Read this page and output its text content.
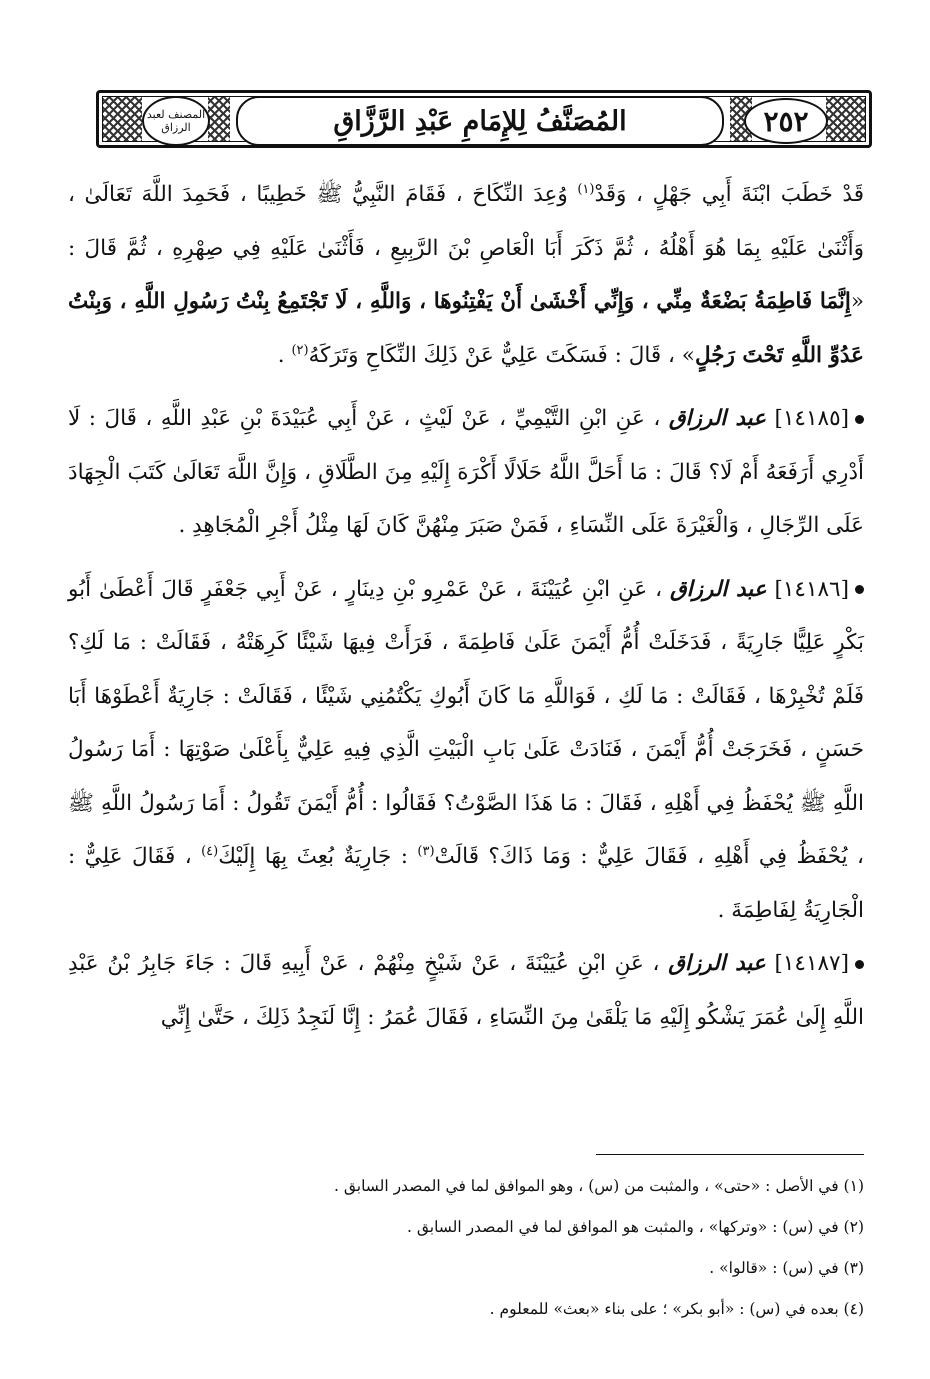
٢٥٢
المُصَنَّفُ لِلإِمَامِ عَبْدِ الرَّزَّاقِ
المصنف لعبد الرزاق

قَدْ خَطَبَ ابْنَةَ أَبِي جَهْلٍ ، وَقَدْ$^{(١)}$ وُعِدَ النِّكَاحَ ، فَقَامَ النَّبِيُّ ﷺ خَطِيبًا ، فَحَمِدَ اللَّهَ تَعَالَىٰ ، وَأَثْنَىٰ عَلَيْهِ بِمَا هُوَ أَهْلُهُ ، ثُمَّ ذَكَرَ أَبَا الْعَاصِ بْنَ الرَّبِيعِ ، فَأَثْنَىٰ عَلَيْهِ فِي صِهْرِهِ ، ثُمَّ قَالَ : «إِنَّمَا فَاطِمَةُ بَضْعَةٌ مِنِّي ، وَإِنِّي أَخْشَىٰ أَنْ يَفْتِنُوهَا ، وَاللَّهِ ، لَا تَجْتَمِعُ بِنْتُ رَسُولِ اللَّهِ ، وَبِنْتُ عَدُوِّ اللَّهِ تَحْتَ رَجُلٍ» ، قَالَ : فَسَكَتَ عَلِيٌّ عَنْ ذَلِكَ النِّكَاحِ وَتَرَكَهُ$^{(٢)}$ .

[١٤١٨٥] عبد الرزاق ، عَنِ ابْنِ التَّيْمِيِّ ، عَنْ لَيْثٍ ، عَنْ أَبِي عُبَيْدَةَ بْنِ عَبْدِ اللَّهِ ، قَالَ : لَا أَدْرِي أَرَفَعَهُ أَمْ لَا؟ قَالَ : مَا أَحَلَّ اللَّهُ حَلَالًا أَكْرَهَ إِلَيْهِ مِنَ الطَّلَاقِ ، وَإِنَّ اللَّهَ تَعَالَىٰ كَتَبَ الْجِهَادَ عَلَى الرِّجَالِ ، وَالْغَيْرَةَ عَلَى النِّسَاءِ ، فَمَنْ صَبَرَ مِنْهُنَّ كَانَ لَهَا مِثْلُ أَجْرِ الْمُجَاهِدِ .

[١٤١٨٦] عبد الرزاق ، عَنِ ابْنِ عُيَيْنَةَ ، عَنْ عَمْرِو بْنِ دِينَارٍ ، عَنْ أَبِي جَعْفَرٍ قَالَ أَعْطَىٰ أَبُو بَكْرٍ عَلِيًّا جَارِيَةً ، فَدَخَلَتْ أُمُّ أَيْمَنَ عَلَىٰ فَاطِمَةَ ، فَرَأَتْ فِيهَا شَيْئًا كَرِهَتْهُ ، فَقَالَتْ : مَا لَكِ؟ فَلَمْ تُخْبِرْهَا ، فَقَالَتْ : مَا لَكِ ، فَوَاللَّهِ مَا كَانَ أَبُوكِ يَكْتُمُنِي شَيْئًا ، فَقَالَتْ : جَارِيَةٌ أَعْطَوْهَا أَبَا حَسَنٍ ، فَخَرَجَتْ أُمُّ أَيْمَنَ ، فَنَادَتْ عَلَىٰ بَابِ الْبَيْتِ الَّذِي فِيهِ عَلِيٌّ بِأَعْلَىٰ صَوْتِهَا : أَمَا رَسُولُ اللَّهِ ﷺ يُحْفَظُ فِي أَهْلِهِ ، فَقَالَ : مَا هَذَا الصَّوْتُ؟ فَقَالُوا : أُمُّ أَيْمَنَ تَقُولُ : أَمَا رَسُولُ اللَّهِ ﷺ ، يُحْفَظُ فِي أَهْلِهِ ، فَقَالَ عَلِيٌّ : وَمَا ذَاكَ؟ قَالَتْ$^{(٣)}$ : جَارِيَةٌ بُعِثَ بِهَا إِلَيْكَ$^{(٤)}$ ، فَقَالَ عَلِيٌّ : الْجَارِيَةُ لِفَاطِمَةَ .

[١٤١٨٧] عبد الرزاق ، عَنِ ابْنِ عُيَيْنَةَ ، عَنْ شَيْخٍ مِنْهُمْ ، عَنْ أَبِيهِ قَالَ : جَاءَ جَابِرُ بْنُ عَبْدِ اللَّهِ إِلَىٰ عُمَرَ يَشْكُو إِلَيْهِ مَا يَلْقَىٰ مِنَ النِّسَاءِ ، فَقَالَ عُمَرُ : إِنَّا لَنَجِدُ ذَلِكَ ، حَتَّىٰ إِنِّي

(١) في الأصل : «حتى» ، والمثبت من (س) ، وهو الموافق لما في المصدر السابق .

(٢) في (س) : «وتركها» ، والمثبت هو الموافق لما في المصدر السابق .

(٣) في (س) : «قالوا» .

(٤) بعده في (س) : «أبو بكر» ؛ على بناء «بعث» للمعلوم .
